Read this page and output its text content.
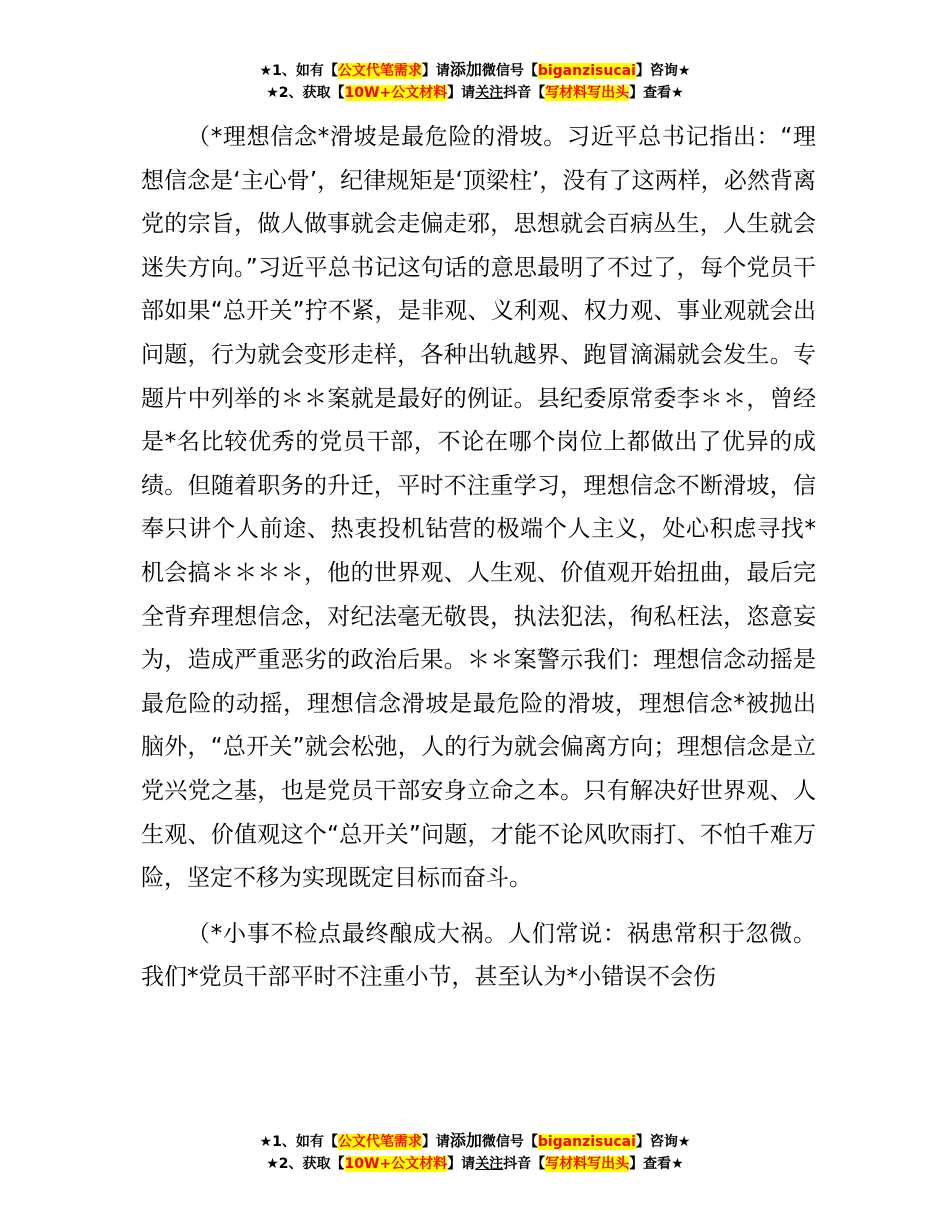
★1、如有【公文代笔需求】请添加微信号【biganzisucai】咨询★
★2、获取【10W+公文材料】请关注抖音【写材料写出头】查看★

（*理想信念*滑坡是最危险的滑坡。习近平总书记指出：“理想信念是‘主心骨’，纪律规矩是‘顶梁柱’，没有了这两样，必然背离党的宗旨，做人做事就会走偏走邪，思想就会百病丛生，人生就会迷失方向。”习近平总书记这句话的意思最明了不过了，每个党员干部如果“总开关”拧不紧，是非观、义利观、权力观、事业观就会出问题，行为就会变形走样，各种出轨越界、跑冒滴漏就会发生。专题片中列举的＊＊案就是最好的例证。县纪委原常委李＊＊，曾经是*名比较优秀的党员干部，不论在哪个岗位上都做出了优异的成绩。但随着职务的升迁，平时不注重学习，理想信念不断滑坡，信奉只讲个人前途、热衷投机钻营的极端个人主义，处心积虑寻找*机会搞＊＊＊＊，他的世界观、人生观、价值观开始扭曲，最后完全背弃理想信念，对纪法毫无敬畏，执法犯法，徇私枉法，恣意妄为，造成严重恶劣的政治后果。＊＊案警示我们：理想信念动摇是最危险的动摇，理想信念滑坡是最危险的滑坡，理想信念*被抛出脑外，“总开关”就会松弛，人的行为就会偏离方向；理想信念是立党兴党之基，也是党员干部安身立命之本。只有解决好世界观、人生观、价值观这个“总开关”问题，才能不论风吹雨打、不怕千难万险，坚定不移为实现既定目标而奋斗。

（*小事不检点最终酿成大祸。人们常说：祸患常积于忽微。我们*党员干部平时不注重小节，甚至认为*小错误不会伤

★1、如有【公文代笔需求】请添加微信号【biganzisucai】咨询★
★2、获取【10W+公文材料】请关注抖音【写材料写出头】查看★
